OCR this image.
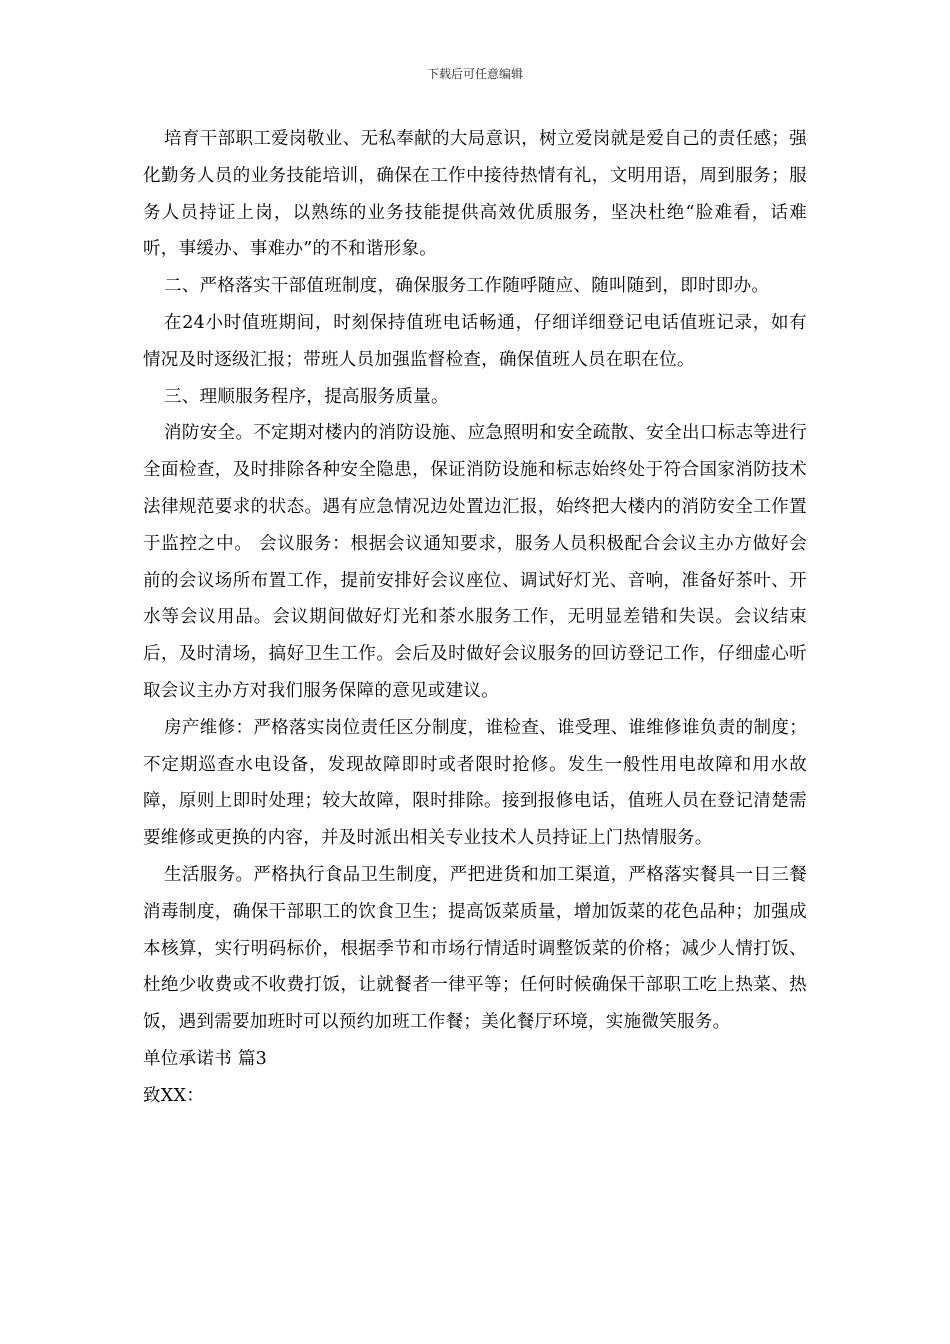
下载后可任意编辑

培育干部职工爱岗敬业、无私奉献的大局意识，树立爱岗就是爱自己的责任感；强化勤务人员的业务技能培训，确保在工作中接待热情有礼，文明用语，周到服务；服务人员持证上岗，以熟练的业务技能提供高效优质服务，坚决杜绝“脸难看，话难听，事缓办、事难办”的不和谐形象。

二、严格落实干部值班制度，确保服务工作随呼随应、随叫随到，即时即办。

在24小时值班期间，时刻保持值班电话畅通，仔细详细登记电话值班记录，如有情况及时逐级汇报；带班人员加强监督检查，确保值班人员在职在位。

三、理顺服务程序，提高服务质量。

消防安全。不定期对楼内的消防设施、应急照明和安全疏散、安全出口标志等进行全面检查，及时排除各种安全隐患，保证消防设施和标志始终处于符合国家消防技术法律规范要求的状态。遇有应急情况边处置边汇报，始终把大楼内的消防安全工作置于监控之中。 会议服务：根据会议通知要求，服务人员积极配合会议主办方做好会前的会议场所布置工作，提前安排好会议座位、调试好灯光、音响，准备好茶叶、开水等会议用品。会议期间做好灯光和茶水服务工作，无明显差错和失误。会议结束后，及时清场，搞好卫生工作。会后及时做好会议服务的回访登记工作，仔细虚心听取会议主办方对我们服务保障的意见或建议。

房产维修：严格落实岗位责任区分制度，谁检查、谁受理、谁维修谁负责的制度；不定期巡查水电设备，发现故障即时或者限时抢修。发生一般性用电故障和用水故障，原则上即时处理；较大故障，限时排除。接到报修电话，值班人员在登记清楚需要维修或更换的内容，并及时派出相关专业技术人员持证上门热情服务。

生活服务。严格执行食品卫生制度，严把进货和加工渠道，严格落实餐具一日三餐消毒制度，确保干部职工的饮食卫生；提高饭菜质量，增加饭菜的花色品种；加强成本核算，实行明码标价，根据季节和市场行情适时调整饭菜的价格；减少人情打饭、杜绝少收费或不收费打饭，让就餐者一律平等；任何时候确保干部职工吃上热菜、热饭，遇到需要加班时可以预约加班工作餐；美化餐厅环境，实施微笑服务。

单位承诺书 篇3

致XX：
